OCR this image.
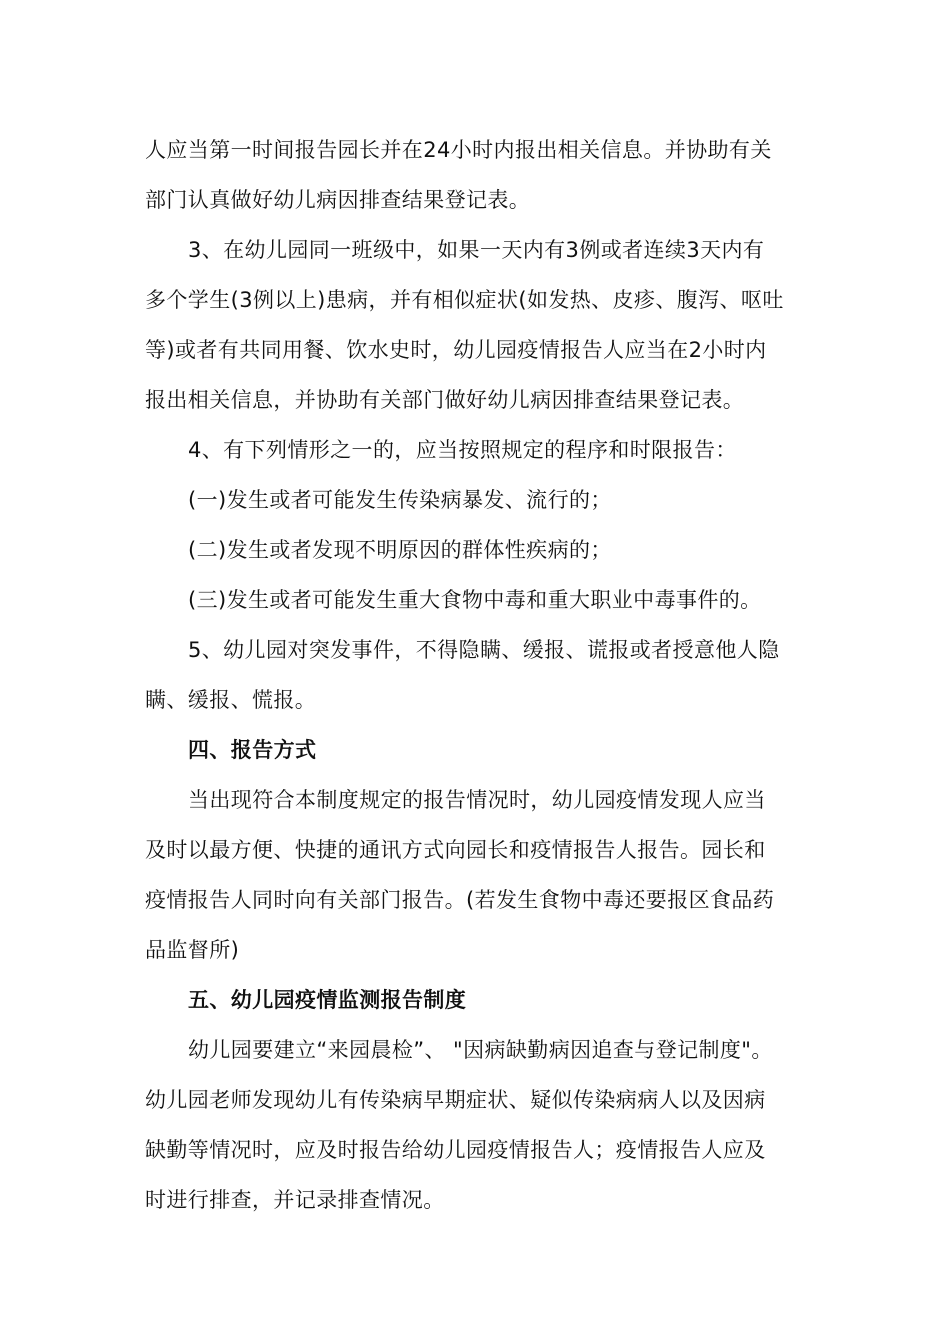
人应当第一时间报告园长并在24小时内报出相关信息。并协助有关
部门认真做好幼儿病因排查结果登记表。
3、在幼儿园同一班级中，如果一天内有3例或者连续3天内有
多个学生(3例以上)患病，并有相似症状(如发热、皮疹、腹泻、呕吐
等)或者有共同用餐、饮水史时，幼儿园疫情报告人应当在2小时内
报出相关信息，并协助有关部门做好幼儿病因排查结果登记表。
4、有下列情形之一的，应当按照规定的程序和时限报告：
(一)发生或者可能发生传染病暴发、流行的；
(二)发生或者发现不明原因的群体性疾病的；
(三)发生或者可能发生重大食物中毒和重大职业中毒事件的。
5、幼儿园对突发事件，不得隐瞒、缓报、谎报或者授意他人隐
瞒、缓报、慌报。
四、报告方式
当出现符合本制度规定的报告情况时，幼儿园疫情发现人应当
及时以最方便、快捷的通讯方式向园长和疫情报告人报告。园长和
疫情报告人同时向有关部门报告。(若发生食物中毒还要报区食品药
品监督所)
五、幼儿园疫情监测报告制度
幼儿园要建立“来园晨检”、 "因病缺勤病因追查与登记制度"。
幼儿园老师发现幼儿有传染病早期症状、疑似传染病病人以及因病
缺勤等情况时，应及时报告给幼儿园疫情报告人；疫情报告人应及
时进行排查，并记录排查情况。
